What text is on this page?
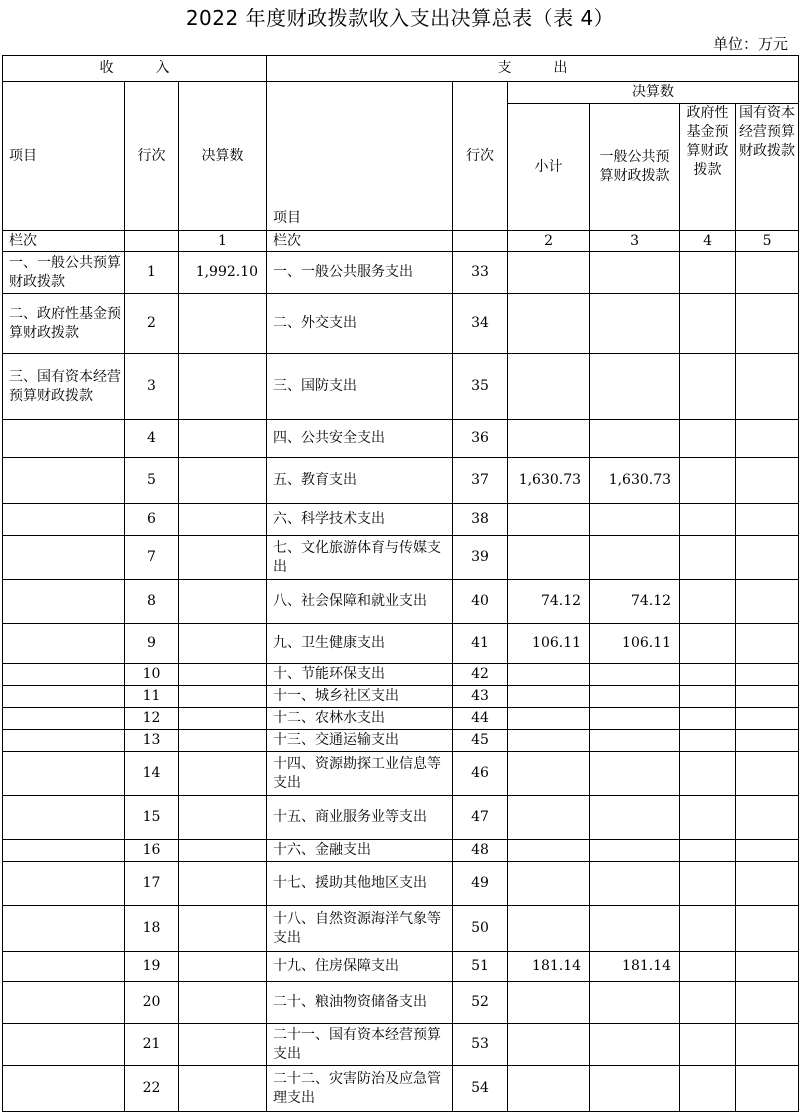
2022 年度财政拨款收入支出决算总表（表 4）
单位：万元
收　　　入			支　　　出					
项目	行次	决算数	项目	行次	决算数			
					小计	一般公共预算财政拨款	政府性基金预算财政拨款	国有资本经营预算财政拨款
栏次		1	栏次		2	3	4	5
一、一般公共预算财政拨款	1	1,992.10	一、一般公共服务支出	33				
二、政府性基金预算财政拨款	2		二、外交支出	34				
三、国有资本经营预算财政拨款	3		三、国防支出	35				
	4		四、公共安全支出	36				
	5		五、教育支出	37	1,630.73	1,630.73		
	6		六、科学技术支出	38				
	7		七、文化旅游体育与传媒支出	39				
	8		八、社会保障和就业支出	40	74.12	74.12		
	9		九、卫生健康支出	41	106.11	106.11		
	10		十、节能环保支出	42				
	11		十一、城乡社区支出	43				
	12		十二、农林水支出	44				
	13		十三、交通运输支出	45				
	14		十四、资源勘探工业信息等支出	46				
	15		十五、商业服务业等支出	47				
	16		十六、金融支出	48				
	17		十七、援助其他地区支出	49				
	18		十八、自然资源海洋气象等支出	50				
	19		十九、住房保障支出	51	181.14	181.14		
	20		二十、粮油物资储备支出	52				
	21		二十一、国有资本经营预算支出	53				
	22		二十二、灾害防治及应急管理支出	54				
